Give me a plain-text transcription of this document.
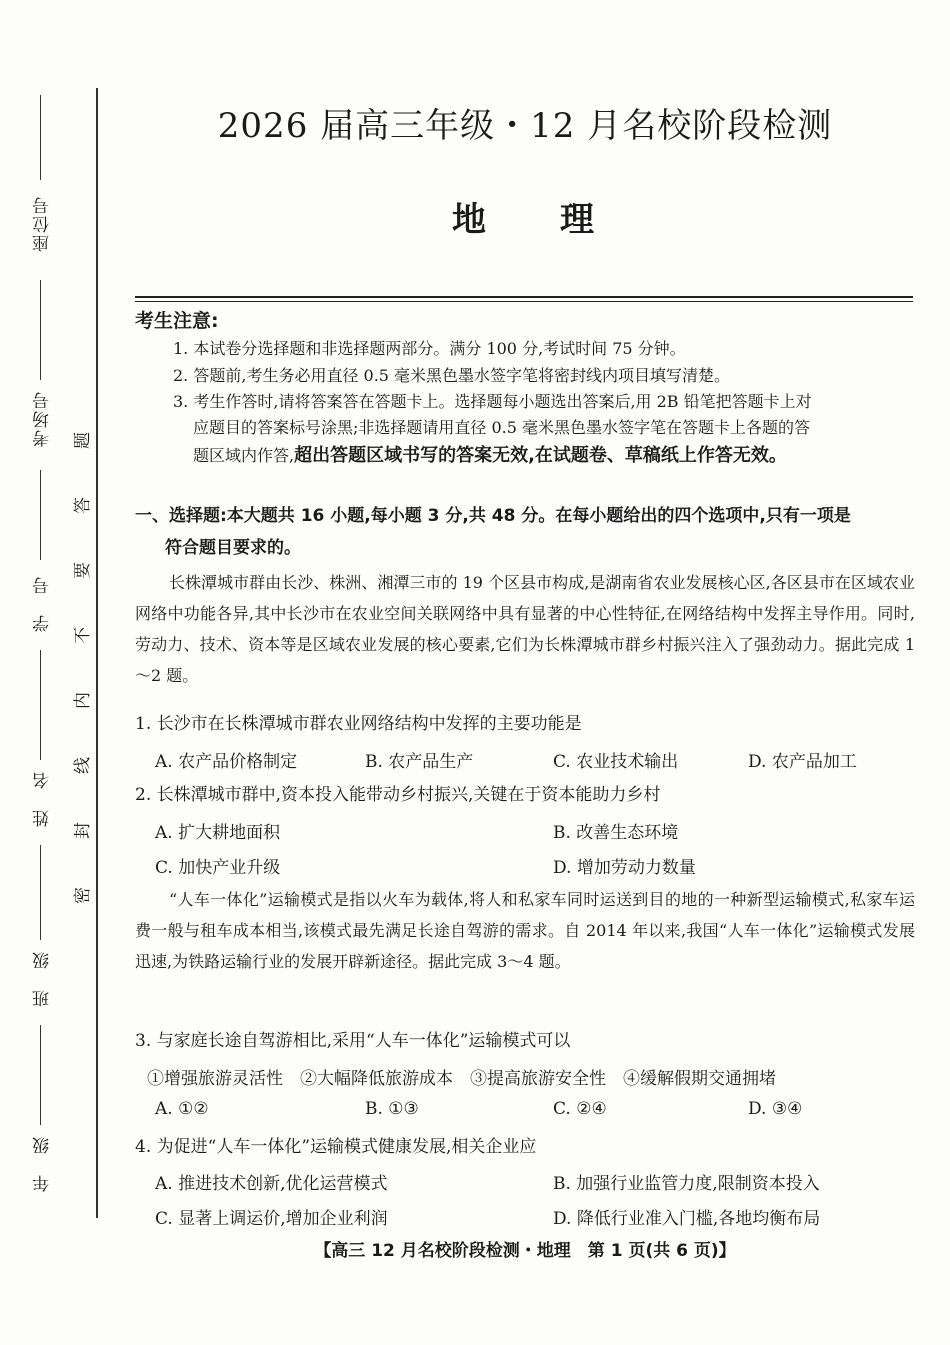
座位号
考场号
学　号
姓　名
班　级
年　级
题
答
要
不
内
线
封
密
2026 届高三年级・12 月名校阶段检测
地 理
考生注意:
1. 本试卷分选择题和非选择题两部分。满分 100 分,考试时间 75 分钟。
2. 答题前,考生务必用直径 0.5 毫米黑色墨水签字笔将密封线内项目填写清楚。
3. 考生作答时,请将答案答在答题卡上。选择题每小题选出答案后,用 2B 铅笔把答题卡上对
应题目的答案标号涂黑;非选择题请用直径 0.5 毫米黑色墨水签字笔在答题卡上各题的答
题区域内作答,超出答题区域书写的答案无效,在试题卷、草稿纸上作答无效。
一、选择题:本大题共 16 小题,每小题 3 分,共 48 分。在每小题给出的四个选项中,只有一项是
符合题目要求的。
长株潭城市群由长沙、株洲、湘潭三市的 19 个区县市构成,是湖南省农业发展核心区,各区县市在区域农业网络中功能各异,其中长沙市在农业空间关联网络中具有显著的中心性特征,在网络结构中发挥主导作用。同时,劳动力、技术、资本等是区域农业发展的核心要素,它们为长株潭城市群乡村振兴注入了强劲动力。据此完成 1～2 题。
1. 长沙市在长株潭城市群农业网络结构中发挥的主要功能是
A. 农产品价格制定	B. 农产品生产	C. 农业技术输出	D. 农产品加工
2. 长株潭城市群中,资本投入能带动乡村振兴,关键在于资本能助力乡村
A. 扩大耕地面积	B. 改善生态环境
C. 加快产业升级	D. 增加劳动力数量
“人车一体化”运输模式是指以火车为载体,将人和私家车同时运送到目的地的一种新型运输模式,私家车运费一般与租车成本相当,该模式最先满足长途自驾游的需求。自 2014 年以来,我国“人车一体化”运输模式发展迅速,为铁路运输行业的发展开辟新途径。据此完成 3～4 题。
3. 与家庭长途自驾游相比,采用“人车一体化”运输模式可以
①增强旅游灵活性　②大幅降低旅游成本　③提高旅游安全性　④缓解假期交通拥堵
A. ①②	B. ①③	C. ②④	D. ③④
4. 为促进“人车一体化”运输模式健康发展,相关企业应
A. 推进技术创新,优化运营模式	B. 加强行业监管力度,限制资本投入
C. 显著上调运价,增加企业利润	D. 降低行业准入门槛,各地均衡布局
【高三 12 月名校阶段检测・地理　第 1 页(共 6 页)】
